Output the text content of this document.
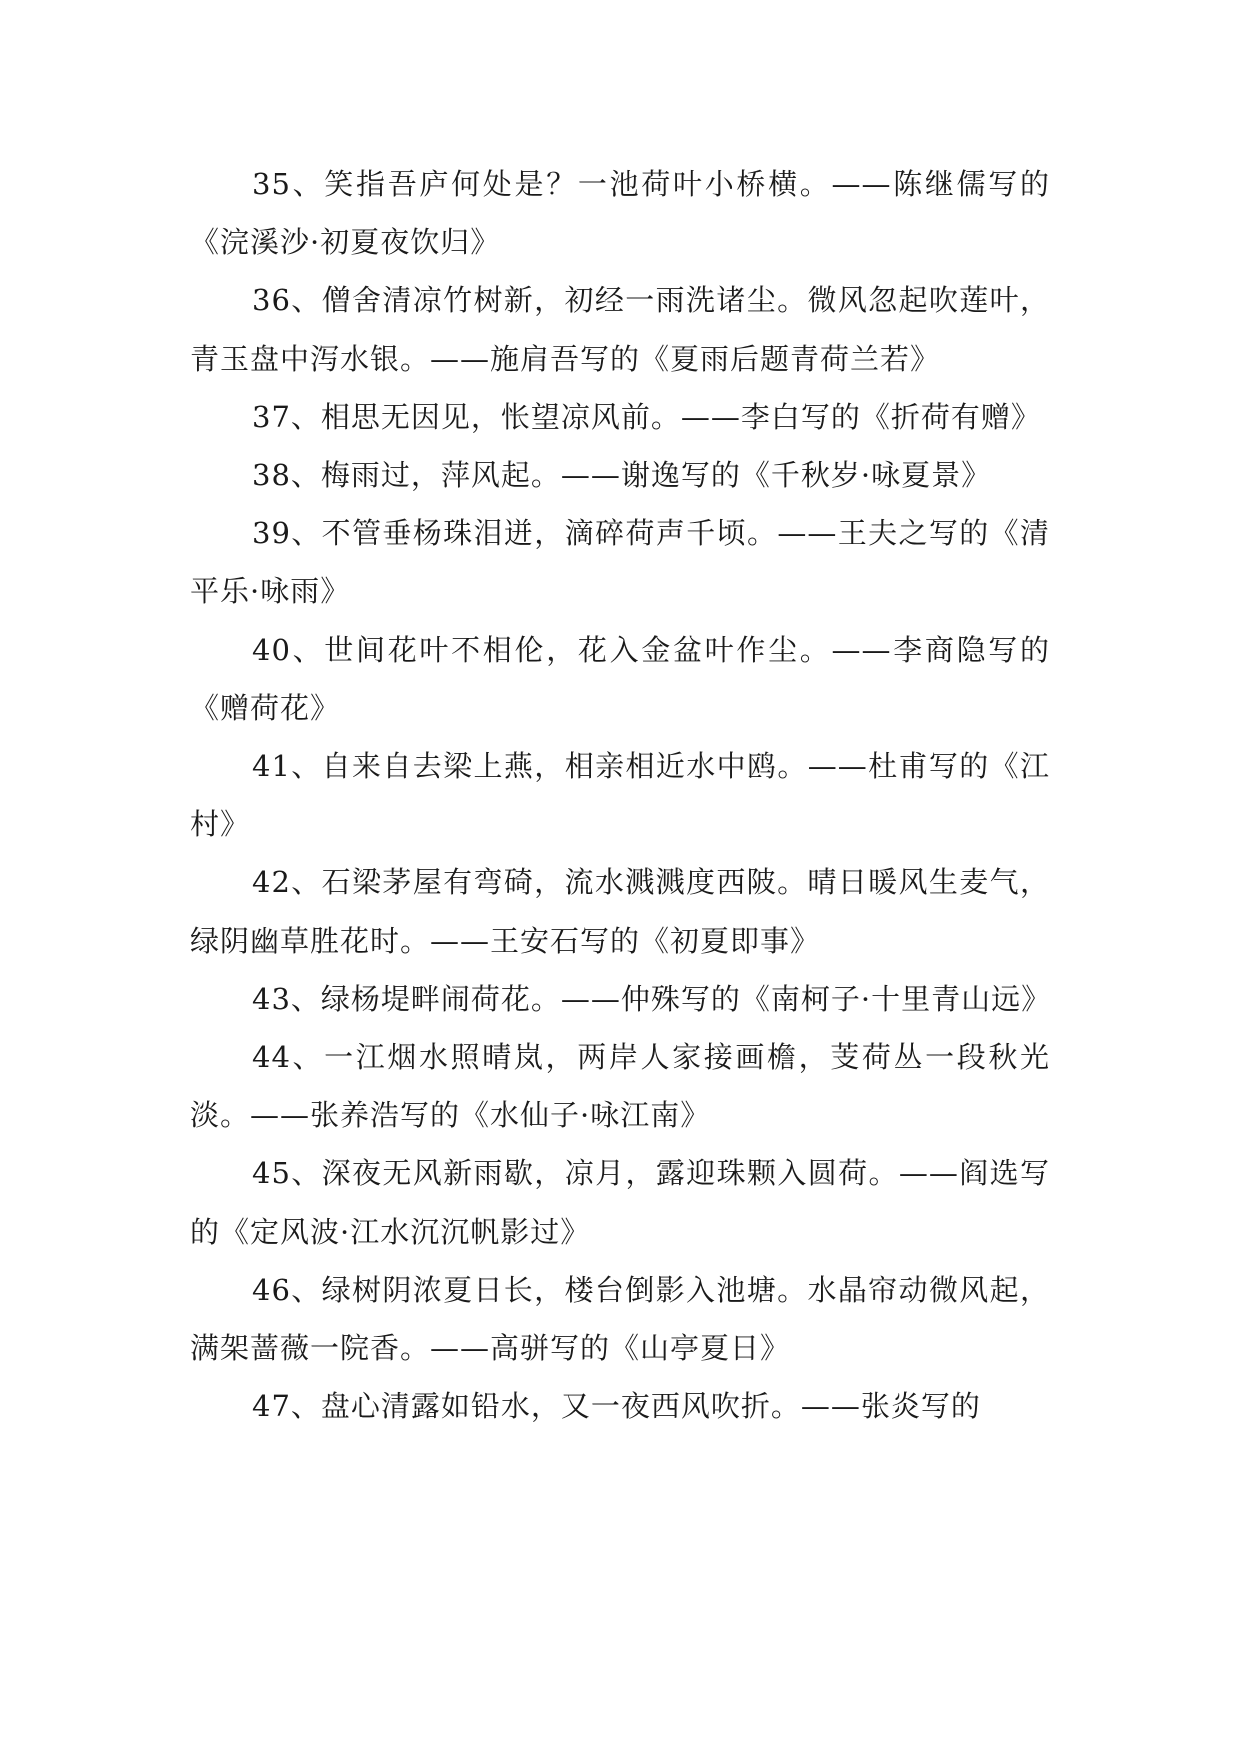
35、笑指吾庐何处是？一池荷叶小桥横。——陈继儒写的《浣溪沙·初夏夜饮归》

36、僧舍清凉竹树新，初经一雨洗诸尘。微风忽起吹莲叶，青玉盘中泻水银。——施肩吾写的《夏雨后题青荷兰若》

37、相思无因见，怅望凉风前。——李白写的《折荷有赠》

38、梅雨过，萍风起。——谢逸写的《千秋岁·咏夏景》

39、不管垂杨珠泪迸，滴碎荷声千顷。——王夫之写的《清平乐·咏雨》

40、世间花叶不相伦，花入金盆叶作尘。——李商隐写的《赠荷花》

41、自来自去梁上燕，相亲相近水中鸥。——杜甫写的《江村》

42、石梁茅屋有弯碕，流水溅溅度西陂。晴日暖风生麦气，绿阴幽草胜花时。——王安石写的《初夏即事》

43、绿杨堤畔闹荷花。——仲殊写的《南柯子·十里青山远》

44、一江烟水照晴岚，两岸人家接画檐，芰荷丛一段秋光淡。——张养浩写的《水仙子·咏江南》

45、深夜无风新雨歇，凉月，露迎珠颗入圆荷。——阎选写的《定风波·江水沉沉帆影过》

46、绿树阴浓夏日长，楼台倒影入池塘。水晶帘动微风起，满架蔷薇一院香。——高骈写的《山亭夏日》

47、盘心清露如铅水，又一夜西风吹折。——张炎写的
